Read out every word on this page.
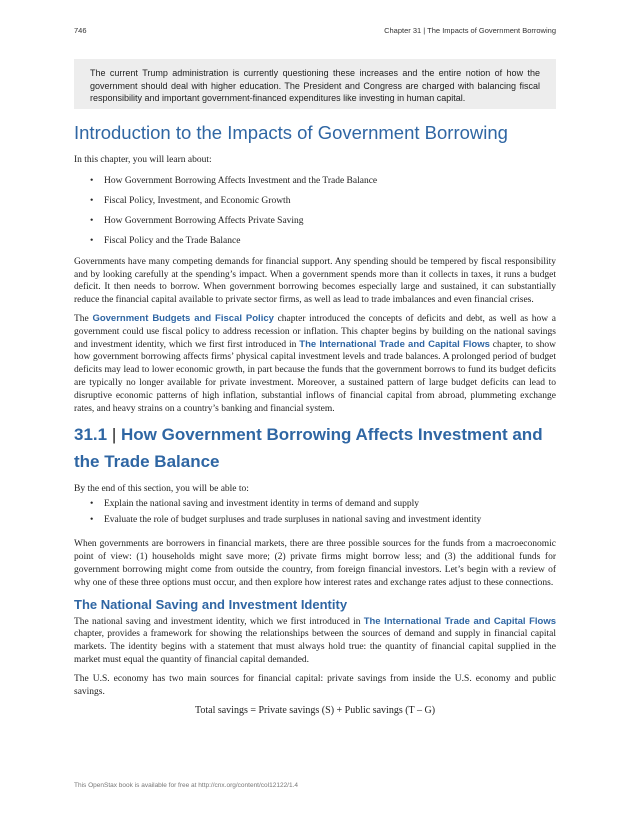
746	Chapter 31 | The Impacts of Government Borrowing

The current Trump administration is currently questioning these increases and the entire notion of how the government should deal with higher education. The President and Congress are charged with balancing fiscal responsibility and important government-financed expenditures like investing in human capital.

Introduction to the Impacts of Government Borrowing

In this chapter, you will learn about:

• How Government Borrowing Affects Investment and the Trade Balance
• Fiscal Policy, Investment, and Economic Growth
• How Government Borrowing Affects Private Saving
• Fiscal Policy and the Trade Balance

Governments have many competing demands for financial support. Any spending should be tempered by fiscal responsibility and by looking carefully at the spending’s impact. When a government spends more than it collects in taxes, it runs a budget deficit. It then needs to borrow. When government borrowing becomes especially large and sustained, it can substantially reduce the financial capital available to private sector firms, as well as lead to trade imbalances and even financial crises.

The Government Budgets and Fiscal Policy chapter introduced the concepts of deficits and debt, as well as how a government could use fiscal policy to address recession or inflation. This chapter begins by building on the national savings and investment identity, which we first first introduced in The International Trade and Capital Flows chapter, to show how government borrowing affects firms’ physical capital investment levels and trade balances. A prolonged period of budget deficits may lead to lower economic growth, in part because the funds that the government borrows to fund its budget deficits are typically no longer available for private investment. Moreover, a sustained pattern of large budget deficits can lead to disruptive economic patterns of high inflation, substantial inflows of financial capital from abroad, plummeting exchange rates, and heavy strains on a country’s banking and financial system.

31.1 | How Government Borrowing Affects Investment and the Trade Balance

By the end of this section, you will be able to:

• Explain the national saving and investment identity in terms of demand and supply
• Evaluate the role of budget surpluses and trade surpluses in national saving and investment identity

When governments are borrowers in financial markets, there are three possible sources for the funds from a macroeconomic point of view: (1) households might save more; (2) private firms might borrow less; and (3) the additional funds for government borrowing might come from outside the country, from foreign financial investors. Let’s begin with a review of why one of these three options must occur, and then explore how interest rates and exchange rates adjust to these connections.

The National Saving and Investment Identity

The national saving and investment identity, which we first introduced in The International Trade and Capital Flows chapter, provides a framework for showing the relationships between the sources of demand and supply in financial capital markets. The identity begins with a statement that must always hold true: the quantity of financial capital supplied in the market must equal the quantity of financial capital demanded.

The U.S. economy has two main sources for financial capital: private savings from inside the U.S. economy and public savings.

Total savings = Private savings (S) + Public savings (T – G)
This OpenStax book is available for free at http://cnx.org/content/col12122/1.4
